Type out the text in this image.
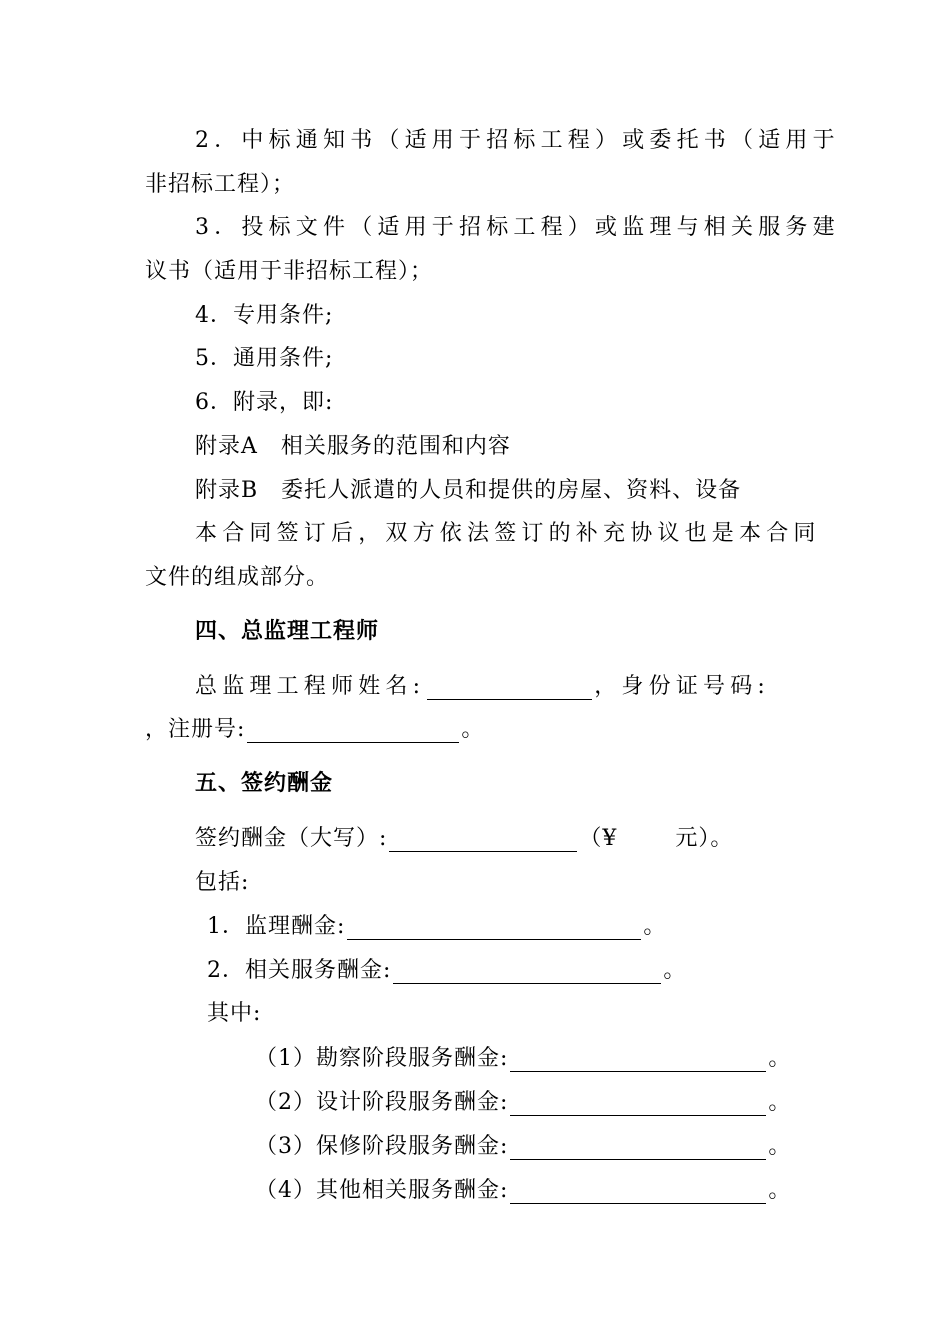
2．中标通知书（适用于招标工程）或委托书（适用于
非招标工程）；
3．投标文件（适用于招标工程）或监理与相关服务建
议书（适用于非招标工程）；
4．专用条件;
5．通用条件;
6．附录，即:
附录A　相关服务的范围和内容
附录B　委托人派遣的人员和提供的房屋、资料、设备
本合同签订后，双方依法签订的补充协议也是本合同
文件的组成部分。
四、总监理工程师
总监理工程师姓名:	，身份证号码:
，注册号:	。
五、签约酬金
签约酬金（大写）:	（¥	元）。
包括:
1．监理酬金:	。
2．相关服务酬金:	。
其中:
（1）勘察阶段服务酬金:	。
（2）设计阶段服务酬金:	。
（3）保修阶段服务酬金:	。
（4）其他相关服务酬金:	。
